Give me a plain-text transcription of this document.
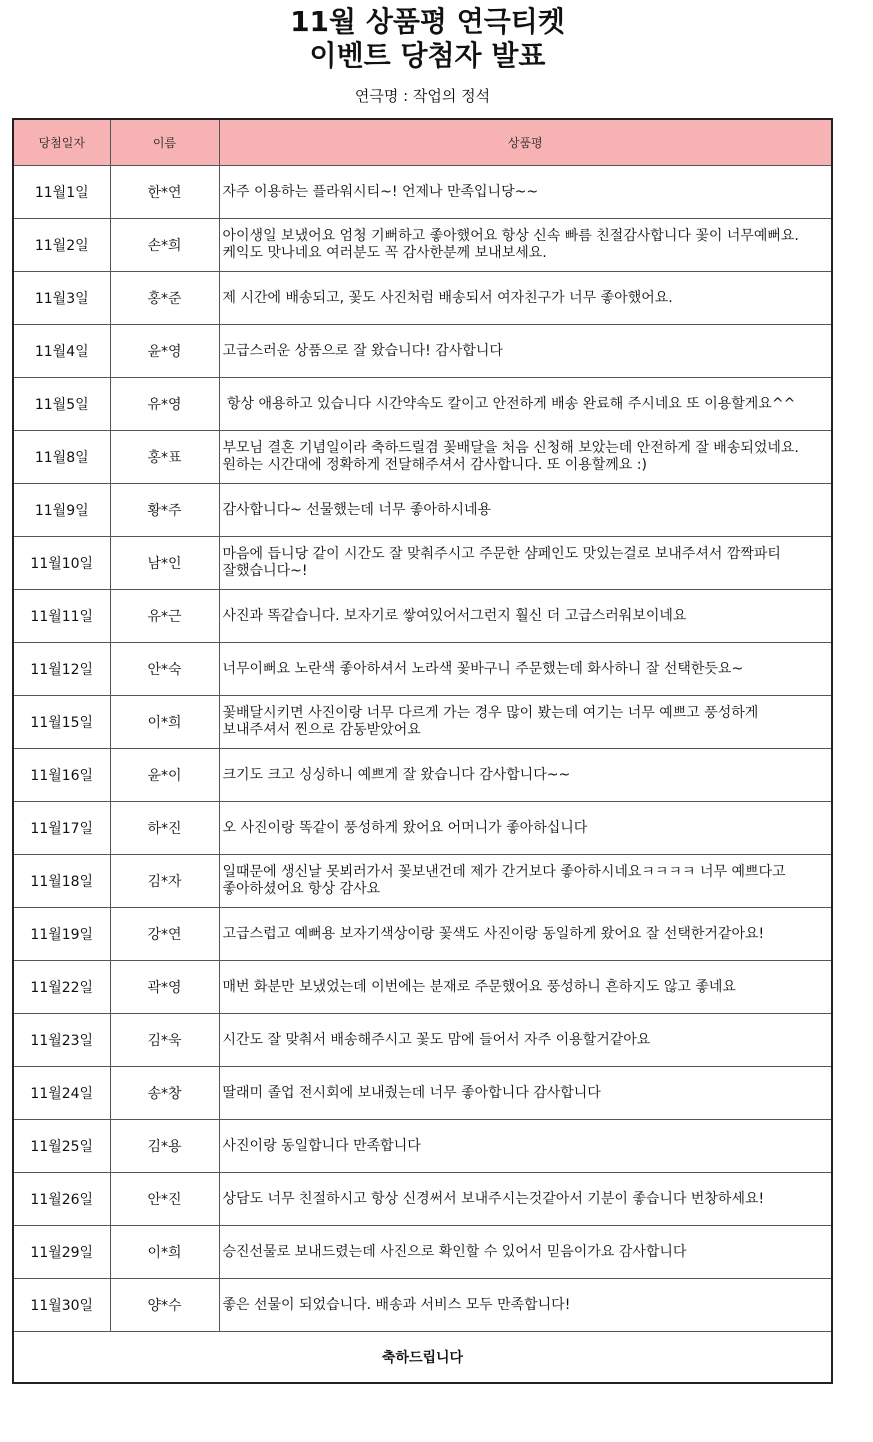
11월 상품평 연극티켓
이벤트 당첨자 발표
연극명 : 작업의 정석
당첨일자	이름	상품평
11월1일	한*연	자주 이용하는 플라워시티~! 언제나 만족입니당~~
11월2일	손*희	아이생일 보냈어요 엄청 기뻐하고 좋아했어요 항상 신속 빠름 친절감사합니다 꽃이 너무예뻐요. 케익도 맛나네요 여러분도 꼭 감사한분께 보내보세요.
11월3일	홍*준	제 시간에 배송되고, 꽃도 사진처럼 배송되서 여자친구가 너무 좋아했어요.
11월4일	윤*영	고급스러운 상품으로 잘 왔습니다! 감사합니다
11월5일	유*영	항상 애용하고 있습니다 시간약속도 칼이고 안전하게 배송 완료해 주시네요 또 이용할게요^^
11월8일	홍*표	부모님 결혼 기념일이라 축하드릴겸 꽃배달을 처음 신청해 보았는데 안전하게 잘 배송되었네요. 원하는 시간대에 정확하게 전달해주셔서 감사합니다. 또 이용할께요 :)
11월9일	황*주	감사합니다~ 선물했는데 너무 좋아하시네용
11월10일	남*인	마음에 듭니당 같이 시간도 잘 맞춰주시고 주문한 샴페인도 맛있는걸로 보내주셔서 깜짝파티 잘했습니다~!
11월11일	유*근	사진과 똑같습니다. 보자기로 쌓여있어서그런지 훨신 더 고급스러워보이네요
11월12일	안*숙	너무이뻐요 노란색 좋아하셔서 노라색 꽃바구니 주문했는데 화사하니 잘 선택한듯요~
11월15일	이*희	꽃배달시키면 사진이랑 너무 다르게 가는 경우 많이 봤는데 여기는 너무 예쁘고 풍성하게 보내주셔서 찐으로 감동받았어요
11월16일	윤*이	크기도 크고 싱싱하니 예쁘게 잘 왔습니다 감사합니다~~
11월17일	하*진	오 사진이랑 똑같이 풍성하게 왔어요 어머니가 좋아하십니다
11월18일	김*자	일때문에 생신날 못뵈러가서 꽃보낸건데 제가 간거보다 좋아하시네요ㅋㅋㅋㅋ 너무 예쁘다고 좋아하셨어요 항상 감사요
11월19일	강*연	고급스럽고 예뻐용 보자기색상이랑 꽃색도 사진이랑 동일하게 왔어요 잘 선택한거같아요!
11월22일	곽*영	매번 화분만 보냈었는데 이번에는 분재로 주문했어요 풍성하니 흔하지도 않고 좋네요
11월23일	김*욱	시간도 잘 맞춰서 배송해주시고 꽃도 맘에 들어서 자주 이용할거같아요
11월24일	송*창	딸래미 졸업 전시회에 보내줬는데 너무 좋아합니다 감사합니다
11월25일	김*용	사진이랑 동일합니다 만족합니다
11월26일	안*진	상담도 너무 친절하시고 항상 신경써서 보내주시는것같아서 기분이 좋습니다 번창하세요!
11월29일	이*희	승진선물로 보내드렸는데 사진으로 확인할 수 있어서 믿음이가요 감사합니다
11월30일	양*수	좋은 선물이 되었습니다. 배송과 서비스 모두 만족합니다!
축하드립니다		
